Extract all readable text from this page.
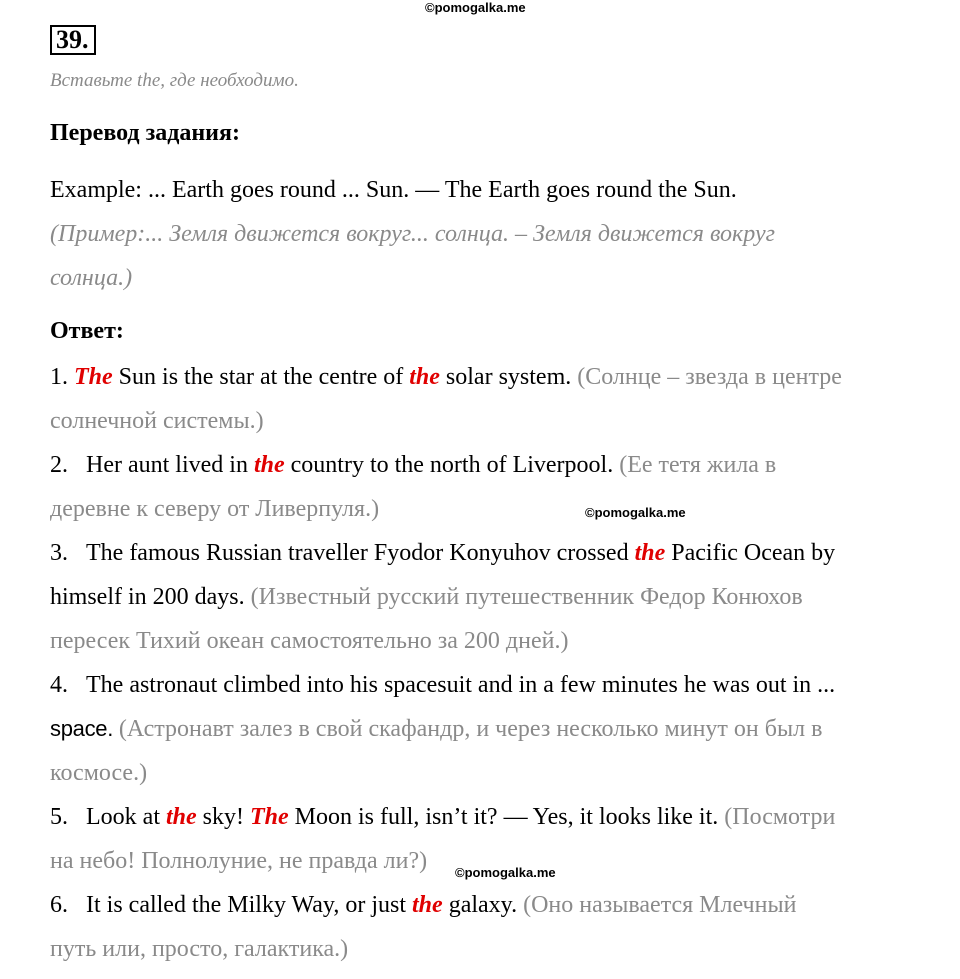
©pomogalka.me
©pomogalka.me
©pomogalka.me
39.
Вставьте the, где необходимо.
Перевод задания:

Example: ... Earth goes round ... Sun. — The Earth goes round the Sun.

(Пример:... Земля движется вокруг... солнца. – Земля движется вокруг

солнца.)

Ответ:

1. The Sun is the star at the centre of the solar system. (Солнце – звезда в центре

солнечной системы.)

2. Her aunt lived in the country to the north of Liverpool. (Ее тетя жила в

деревне к северу от Ливерпуля.)

3. The famous Russian traveller Fyodor Konyuhov crossed the Pacific Ocean by

himself in 200 days. (Известный русский путешественник Федор Конюхов

пересек Тихий океан самостоятельно за 200 дней.)

4. The astronaut climbed into his spacesuit and in a few minutes he was out in ...

space. (Астронавт залез в свой скафандр, и через несколько минут он был в

космосе.)

5. Look at the sky! The Moon is full, isn’t it? — Yes, it looks like it. (Посмотри

на небо! Полнолуние, не правда ли?)

6. It is called the Milky Way, or just the galaxy. (Оно называется Млечный

путь или, просто, галактика.)
